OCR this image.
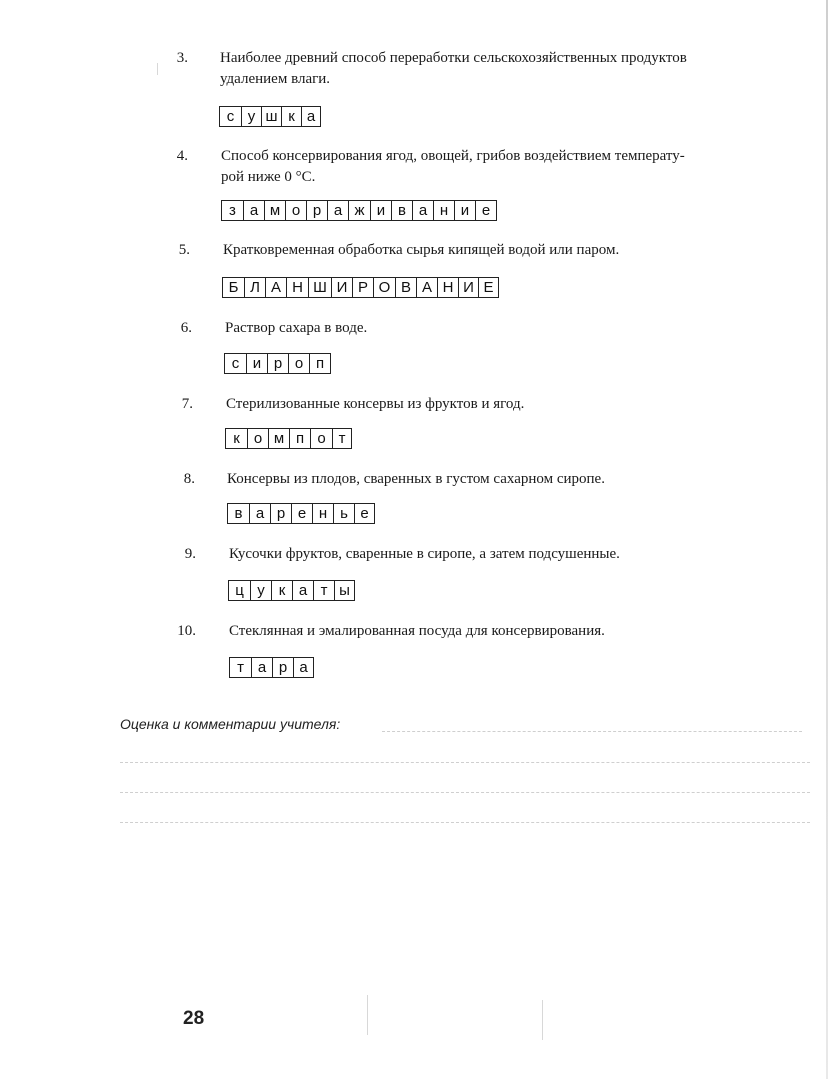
3. Наиболее древний способ переработки сельскохозяйственных продуктов
удалением влаги.
с у ш к а
4. Способ консервирования ягод, овощей, грибов воздействием температу-
рой ниже 0 °С.
з а м о р а ж и в а н и е
5. Кратковременная обработка сырья кипящей водой или паром.
Б Л А Н Ш И Р О В А Н И Е
6. Раствор сахара в воде.
с и р о п
7. Стерилизованные консервы из фруктов и ягод.
к о м п о т
8. Консервы из плодов, сваренных в густом сахарном сиропе.
в а р е н ь е
9. Кусочки фруктов, сваренные в сиропе, а затем подсушенные.
ц у к а т ы
10. Стеклянная и эмалированная посуда для консервирования.
т а р а
Оценка и комментарии учителя:
28
